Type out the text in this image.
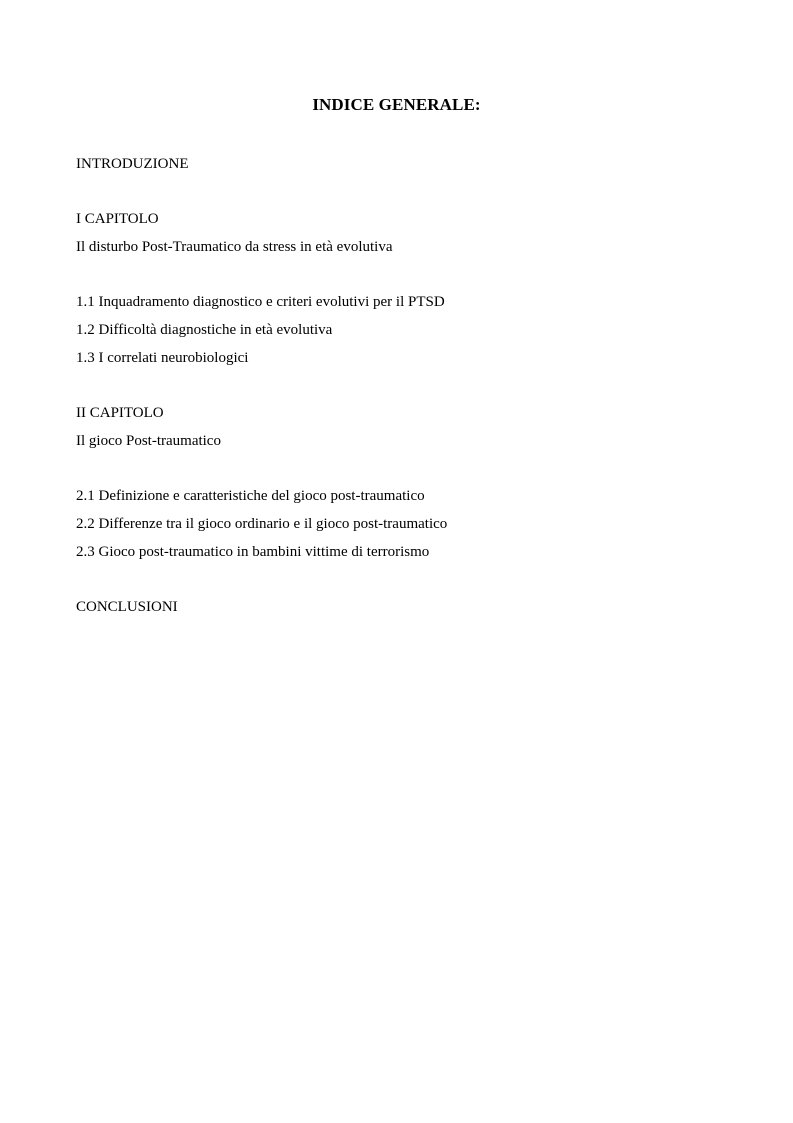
INDICE GENERALE:
INTRODUZIONE
I CAPITOLO
Il disturbo Post-Traumatico da stress in età evolutiva
1.1 Inquadramento diagnostico e criteri evolutivi per il PTSD
1.2 Difficoltà diagnostiche in età evolutiva
1.3 I correlati neurobiologici
II CAPITOLO
Il gioco Post-traumatico
2.1 Definizione e caratteristiche del gioco post-traumatico
2.2 Differenze tra il gioco ordinario e il gioco post-traumatico
2.3 Gioco post-traumatico in bambini vittime di terrorismo
CONCLUSIONI
